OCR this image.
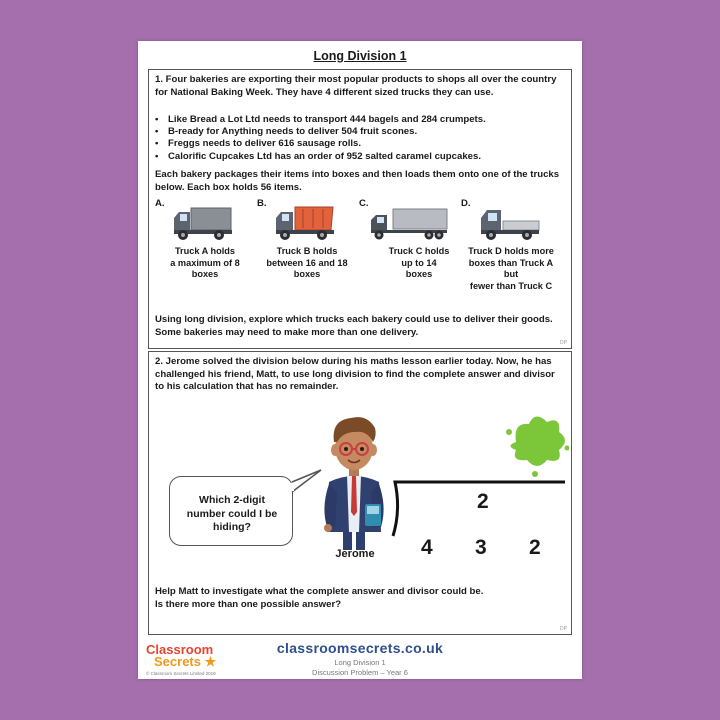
Long Division 1
1. Four bakeries are exporting their most popular products to shops all over the country for National Baking Week. They have 4 different sized trucks they can use.
• Like Bread a Lot Ltd needs to transport 444 bagels and 284 crumpets.
• B-ready for Anything needs to deliver 504 fruit scones.
• Freggs needs to deliver 616 sausage rolls.
• Calorific Cupcakes Ltd has an order of 952 salted caramel cupcakes.
Each bakery packages their items into boxes and then loads them onto one of the trucks below. Each box holds 56 items.
A.
Truck A holds
a maximum of 8
boxes
B.
Truck B holds
between 16 and 18
boxes
C.
Truck C holds
up to 14
boxes
D.
Truck D holds more
boxes than Truck A but
fewer than Truck C
Using long division, explore which trucks each bakery could use to deliver their goods. Some bakeries may need to make more than one delivery.
DP
2. Jerome solved the division below during his maths lesson earlier today. Now, he has challenged his friend, Matt, to use long division to find the complete answer and divisor to his calculation that has no remainder.
Which 2-digit
number could I be
hiding?
Jerome
2
4 3 2
Help Matt to investigate what the complete answer and divisor could be.
Is there more than one possible answer?
DP
Classroom
Secrets ★
© Classroom Secrets Limited 2019
classroomsecrets.co.uk
Long Division 1
Discussion Problem – Year 6
